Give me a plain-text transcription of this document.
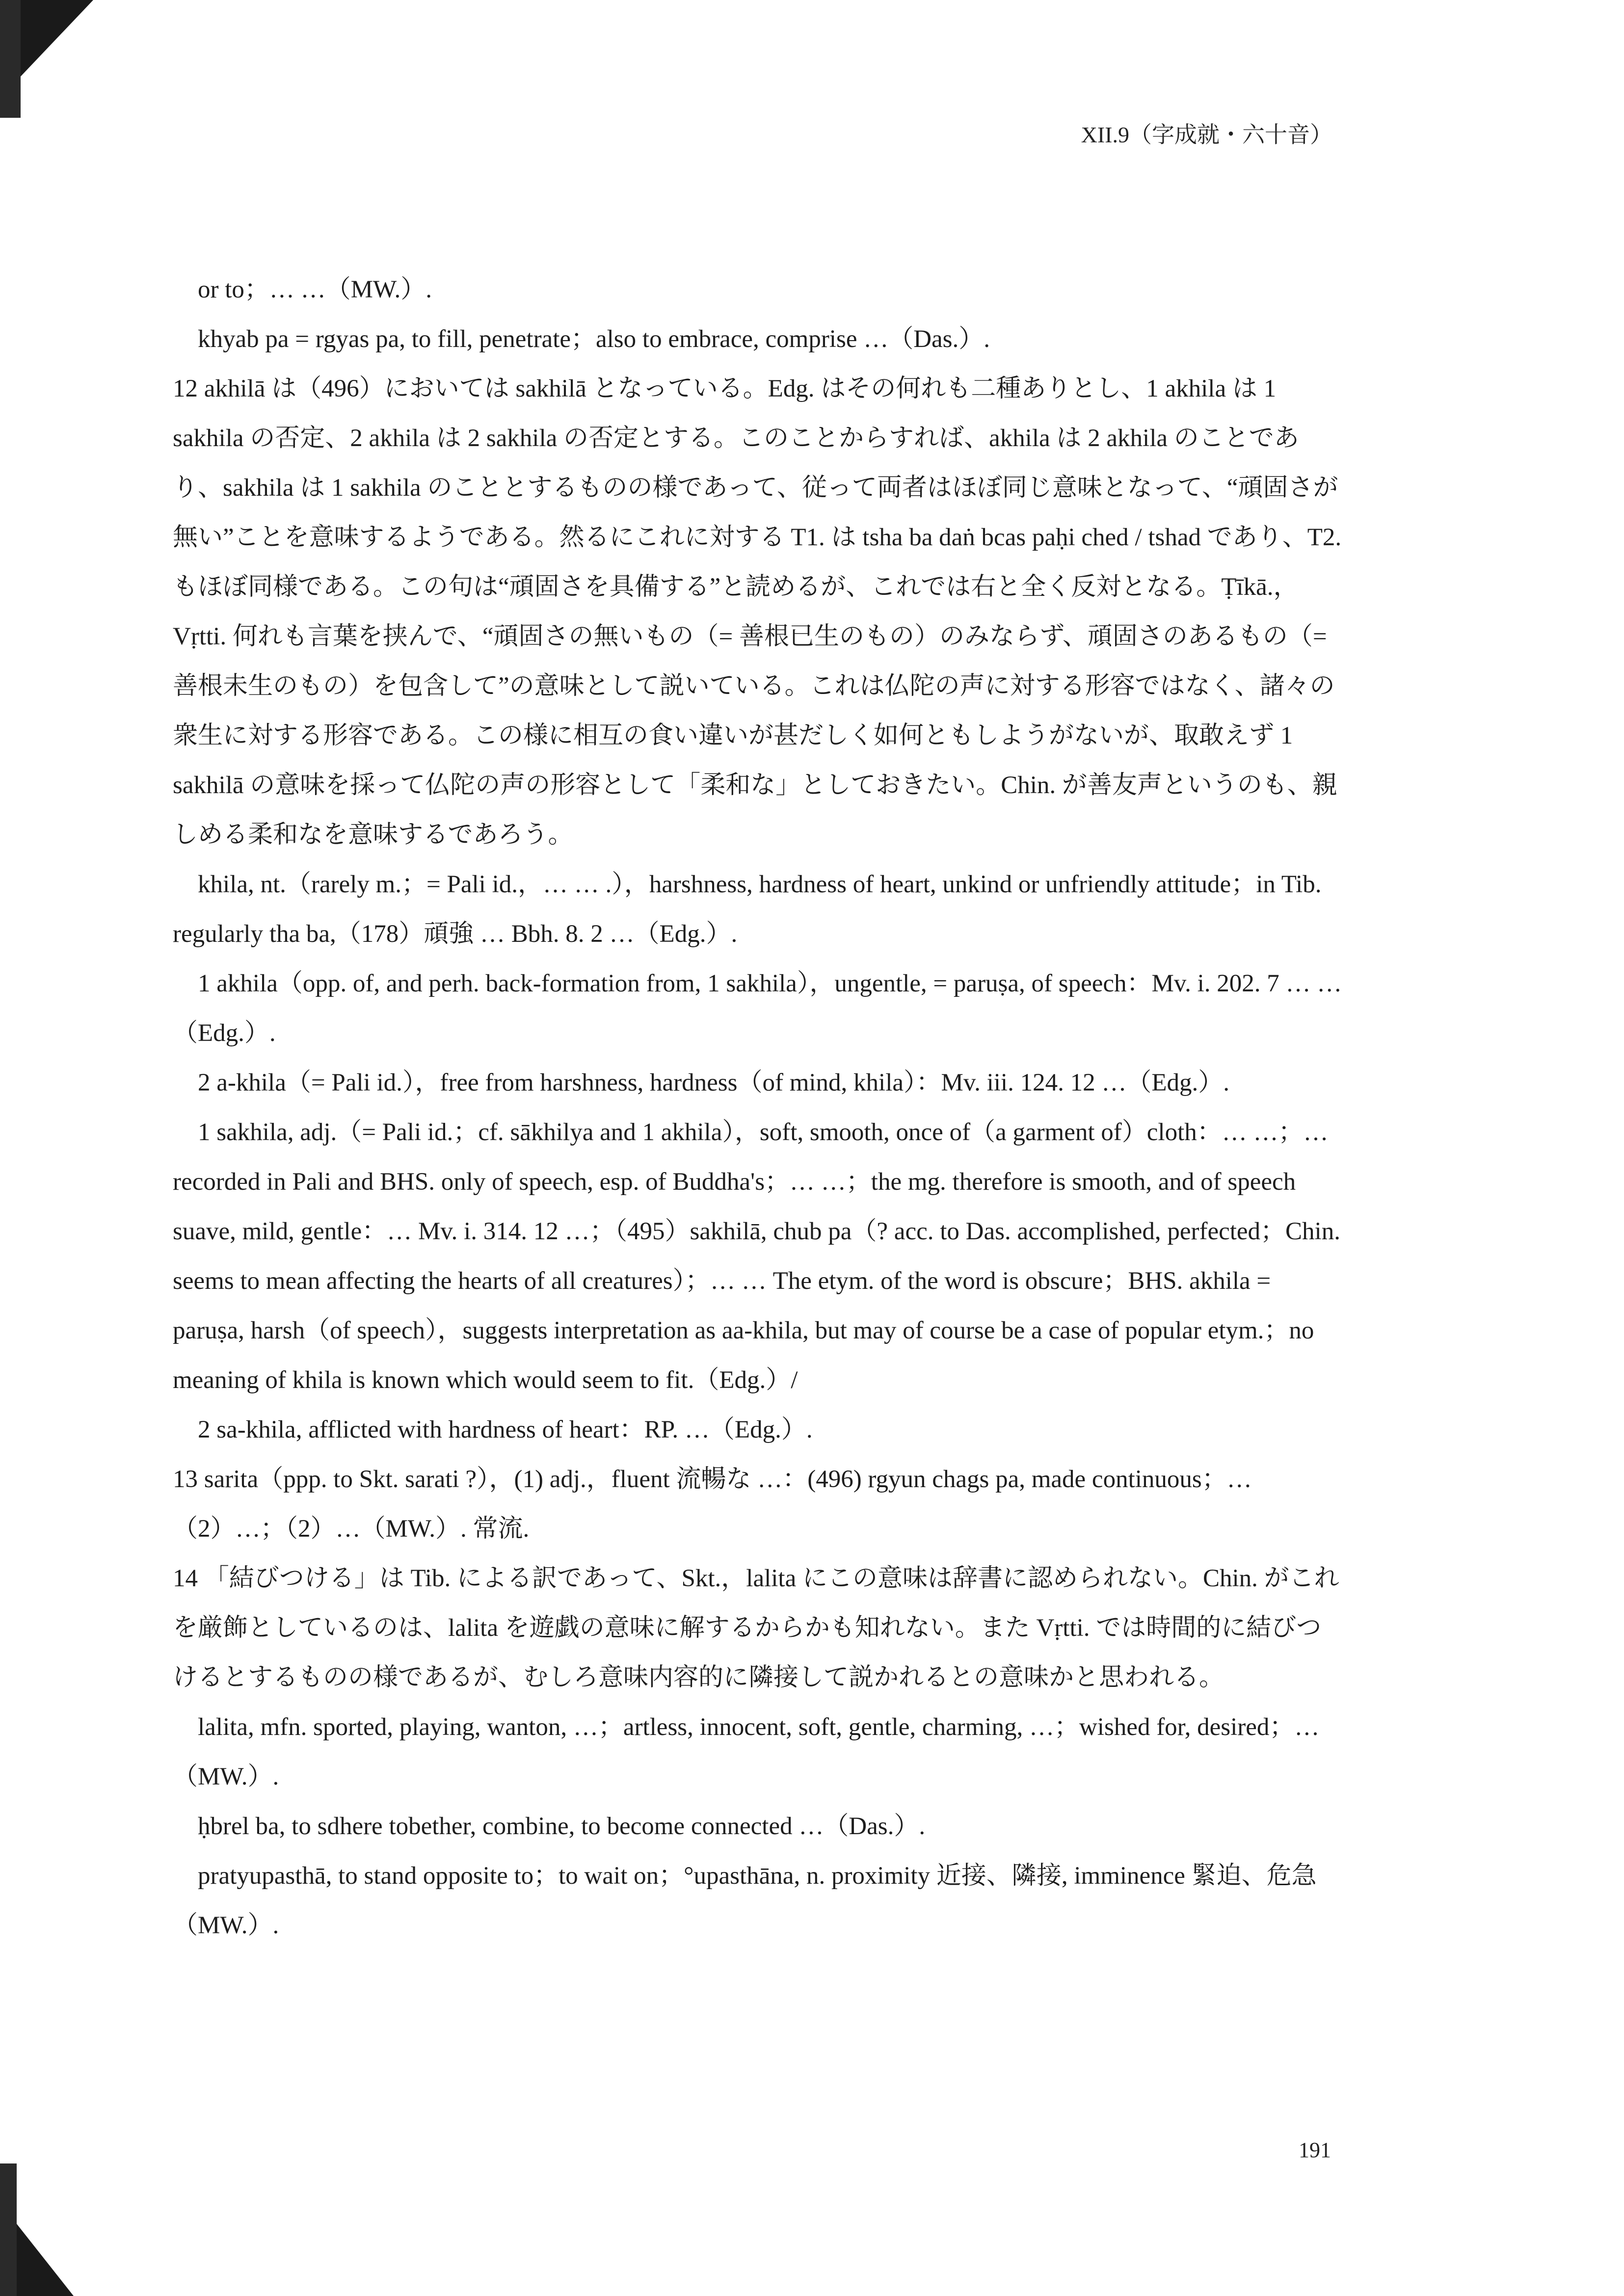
XII.9（字成就・六十音）

or to；… …（MW.）.

khyab pa = rgyas pa, to fill, penetrate；also to embrace, comprise …（Das.）.

12 akhilā は（496）においては sakhilā となっている。Edg. はその何れも二種ありとし、1 akhila は 1 sakhila の否定、2 akhila は 2 sakhila の否定とする。このことからすれば、akhila は 2 akhila のことであり、sakhila は 1 sakhila のこととするものの様であって、従って両者はほぼ同じ意味となって、“頑固さが無い”ことを意味するようである。然るにこれに対する T1. は tsha ba daṅ bcas paḥi ched / tshad であり、T2. もほぼ同様である。この句は“頑固さを具備する”と読めるが、これでは右と全く反対となる。Ṭīkā.，Vṛtti. 何れも言葉を挟んで、“頑固さの無いもの（= 善根已生のもの）のみならず、頑固さのあるもの（= 善根未生のもの）を包含して”の意味として説いている。これは仏陀の声に対する形容ではなく、諸々の衆生に対する形容である。この様に相互の食い違いが甚だしく如何ともしようがないが、取敢えず 1 sakhilā の意味を採って仏陀の声の形容として「柔和な」としておきたい。Chin. が善友声というのも、親しめる柔和なを意味するであろう。

khila, nt.（rarely m.；= Pali id.，… … .），harshness, hardness of heart, unkind or unfriendly attitude；in Tib. regularly tha ba,（178）頑強 … Bbh. 8. 2 …（Edg.）.

1 akhila（opp. of, and perh. back-formation from, 1 sakhila），ungentle, = paruṣa, of speech：Mv. i. 202. 7 … …（Edg.）.

2 a-khila（= Pali id.），free from harshness, hardness（of mind, khila）：Mv. iii. 124. 12 …（Edg.）.

1 sakhila, adj.（= Pali id.；cf. sākhilya and 1 akhila），soft, smooth, once of（a garment of）cloth：… …；… recorded in Pali and BHS. only of speech, esp. of Buddha's；… …；the mg. therefore is smooth, and of speech suave, mild, gentle：… Mv. i. 314. 12 …；（495）sakhilā, chub pa（? acc. to Das. accomplished, perfected；Chin. seems to mean affecting the hearts of all creatures）；… … The etym. of the word is obscure；BHS. akhila = paruṣa, harsh（of speech），suggests interpretation as aa-khila, but may of course be a case of popular etym.；no meaning of khila is known which would seem to fit.（Edg.）/

2 sa-khila, afflicted with hardness of heart：RP. …（Edg.）.

13 sarita（ppp. to Skt. sarati ?），(1) adj.，fluent 流暢な …：(496) rgyun chags pa, made continuous；…（2）…；（2）…（MW.）. 常流.

14 「結びつける」は Tib. による訳であって、Skt.，lalita にこの意味は辞書に認められない。Chin. がこれを厳飾としているのは、lalita を遊戯の意味に解するからかも知れない。また Vṛtti. では時間的に結びつけるとするものの様であるが、むしろ意味内容的に隣接して説かれるとの意味かと思われる。

lalita, mfn. sported, playing, wanton, …；artless, innocent, soft, gentle, charming, …；wished for, desired；…（MW.）.

ḥbrel ba, to sdhere tobether, combine, to become connected …（Das.）.

pratyupasthā, to stand opposite to；to wait on；°upasthāna, n. proximity 近接、隣接, imminence 緊迫、危急（MW.）.

191
